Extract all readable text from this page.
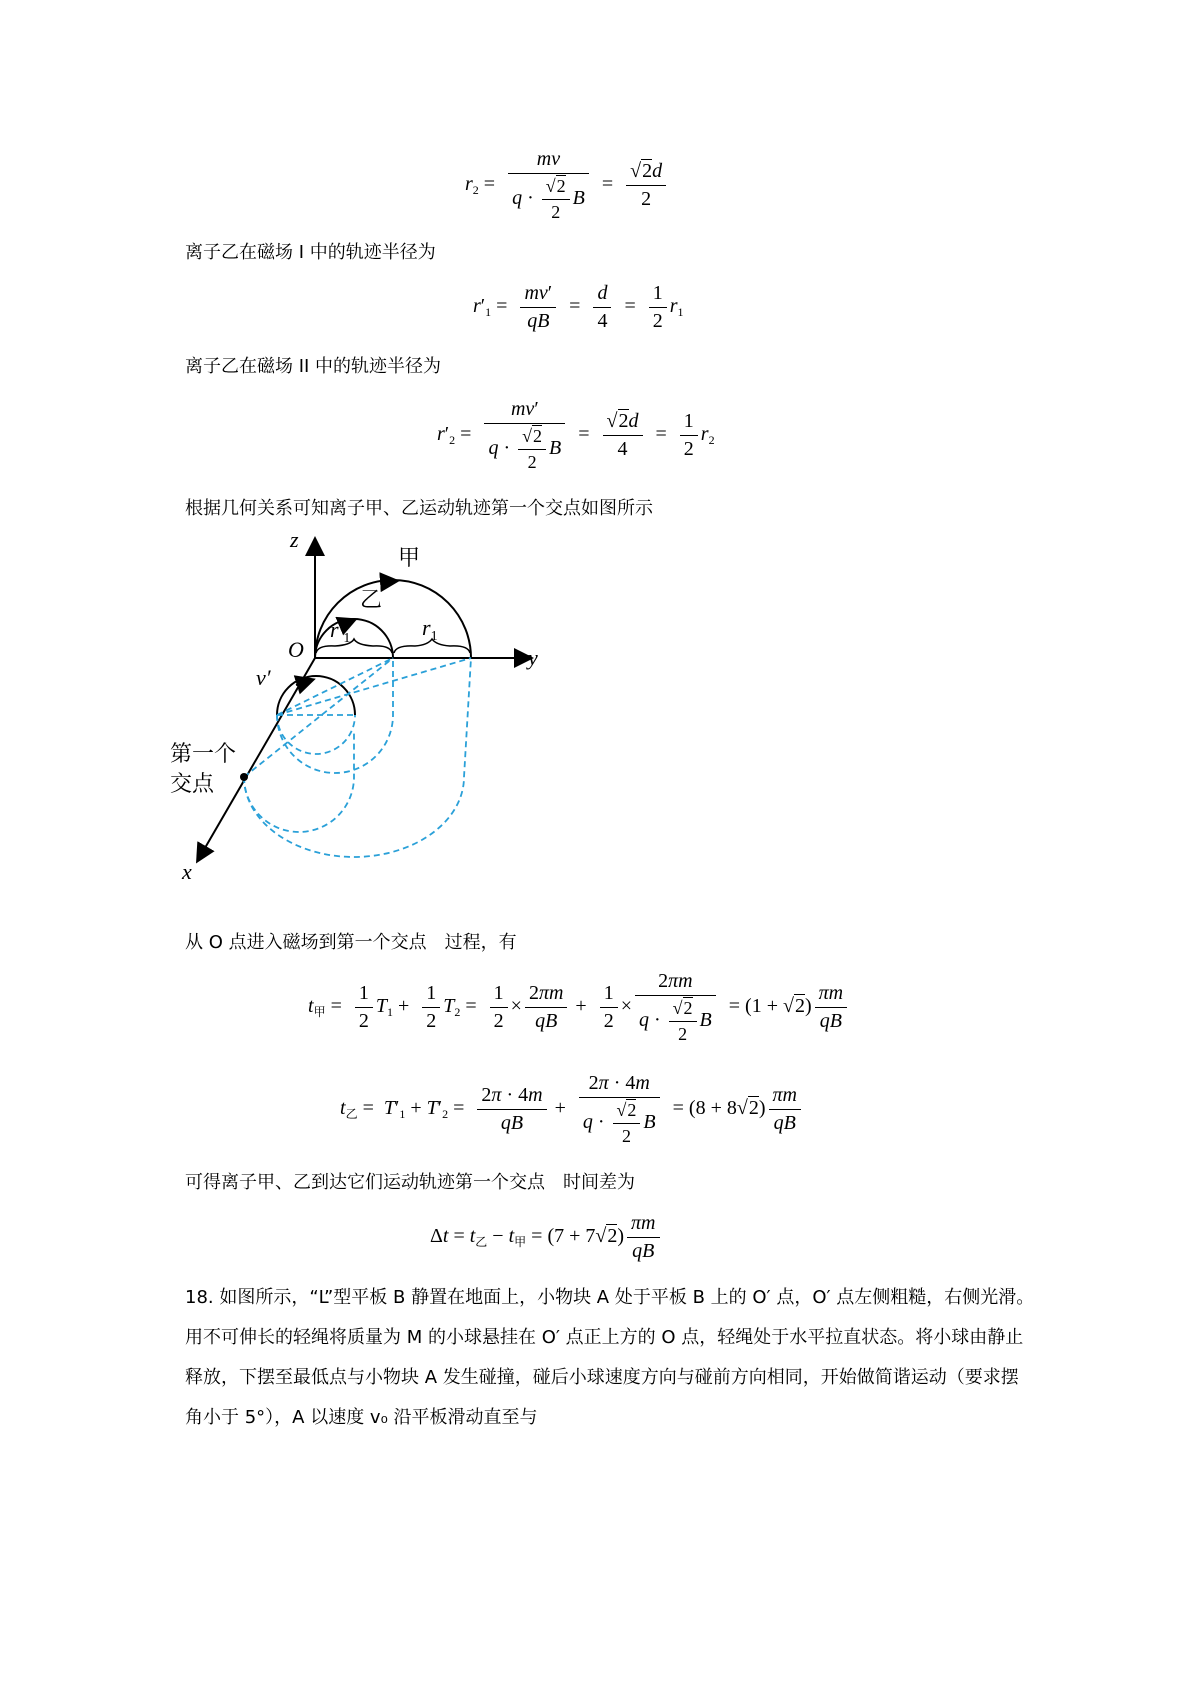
$r_2 = \frac{mv}{q \cdot \frac{√2}{2} B} = \frac{√2d}{2}$
离子乙在磁场 I 中的轨迹半径为
$r'_1 = \frac{mv'}{qB} = \frac{d}{4} = \frac{1}{2} r_1$
离子乙在磁场 II 中的轨迹半径为
$r'_2 = \frac{mv'}{q \cdot \frac{√2}{2} B} = \frac{√2d}{4} = \frac{1}{2} r_2$
根据几何关系可知离子甲、乙运动轨迹第一个交点如图所示
z
y
x
O
甲
乙
$r'_1$	$r_1$
v′
第一个
交点
从 O 点进入磁场到第一个交点　过程，有
$t_甲 = \frac{1}{2} T_1 + \frac{1}{2} T_2 = \frac{1}{2} \times \frac{2\pi m}{qB} + \frac{1}{2} \times \frac{2\pi m}{q \cdot \frac{√2}{2} B} = (1 + √2) \frac{\pi m}{qB}$
$t_乙 = T'_1 + T'_2 = \frac{2\pi \cdot 4m}{qB} + \frac{2\pi \cdot 4m}{q \cdot \frac{√2}{2} B} = (8 + 8√2) \frac{\pi m}{qB}$
可得离子甲、乙到达它们运动轨迹第一个交点　时间差为
$\Delta t = t_乙 - t_甲 = (7 + 7√2) \frac{\pi m}{qB}$
18. 如图所示，“L”型平板 B 静置在地面上，小物块 A 处于平板 B 上的 O′ 点，O′ 点左侧粗糙，右侧光滑。用不可伸长的轻绳将质量为 M 的小球悬挂在 O′ 点正上方的 O 点，轻绳处于水平拉直状态。将小球由静止释放，下摆至最低点与小物块 A 发生碰撞，碰后小球速度方向与碰前方向相同，开始做简谐运动（要求摆角小于 5°），A 以速度 v₀ 沿平板滑动直至与
